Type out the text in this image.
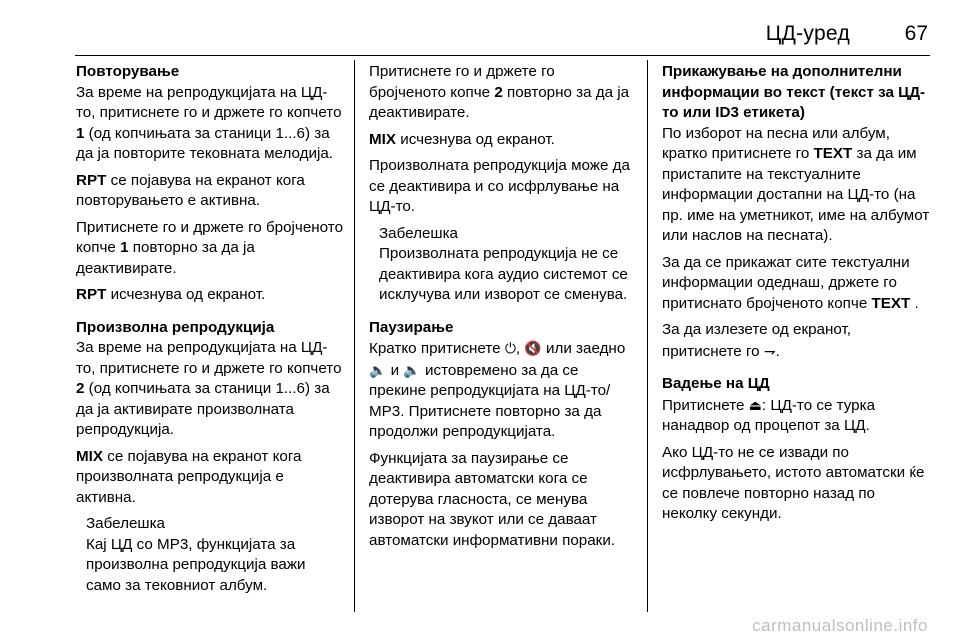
ЦД-уред	67

Повторување

За време на репродукцијата на ЦД-то, притиснете го и држете го копчето 1 (од копчињата за станици 1...6) за да ја повторите тековната мелодија.

RPT се појавува на екранот кога повторувањето е активна.

Притиснете го и држете го бројченото копче 1 повторно за да ја деактивирате.

RPT исчезнува од екранот.

Произволна репродукција

За време на репродукцијата на ЦД-то, притиснете го и држете го копчето 2 (од копчињата за станици 1...6) за да ја активирате произволната репродукција.

MIX се појавува на екранот кога произволната репродукција е активна.

Забелешка

Кај ЦД со MP3, функцијата за произволна репродукција важи само за тековниот албум.

Притиснете го и држете го бројченото копче 2 повторно за да ја деактивирате.

MIX исчезнува од екранот.

Произволната репродукција може да се деактивира и со исфрлувањe на ЦД-то.

Забелешка

Произволната репродукција не се деактивира кога аудио системот се исклучува или изворот се сменува.

Паузирање

Кратко притиснете ⏻, 🔇 или заедно 🔈 и 🔈 истовремено за да се прекине репродукцијата на ЦД-то/ MP3. Притиснете повторно за да продолжи репродукцијата.

Функцијата за паузирање се деактивира автоматски кога се дотерува гласноста, се менува изворот на звукот или се даваат автоматски информативни пораки.

Прикажување на дополнителни информации во текст (текст за ЦД-то или ID3 етикета)

По изборот на песна или албум, кратко притиснете го TEXT за да им пристапите на текстуалните информации достапни на ЦД-то (на пр. име на уметникот, име на албумот или наслов на песната).

За да се прикажат сите текстуални информации одеднаш, држете го притиснато бројченото копче TEXT .

За да излезете од екранот, притиснете го ⇁.

Вадење на ЦД

Притиснете ⏏: ЦД-то се турка нанадвор од процепот за ЦД.

Ако ЦД-то не се извади по исфрлувањето, истото автоматски ќе се повлече повторно назад по неколку секунди.

carmanualsonline.info
